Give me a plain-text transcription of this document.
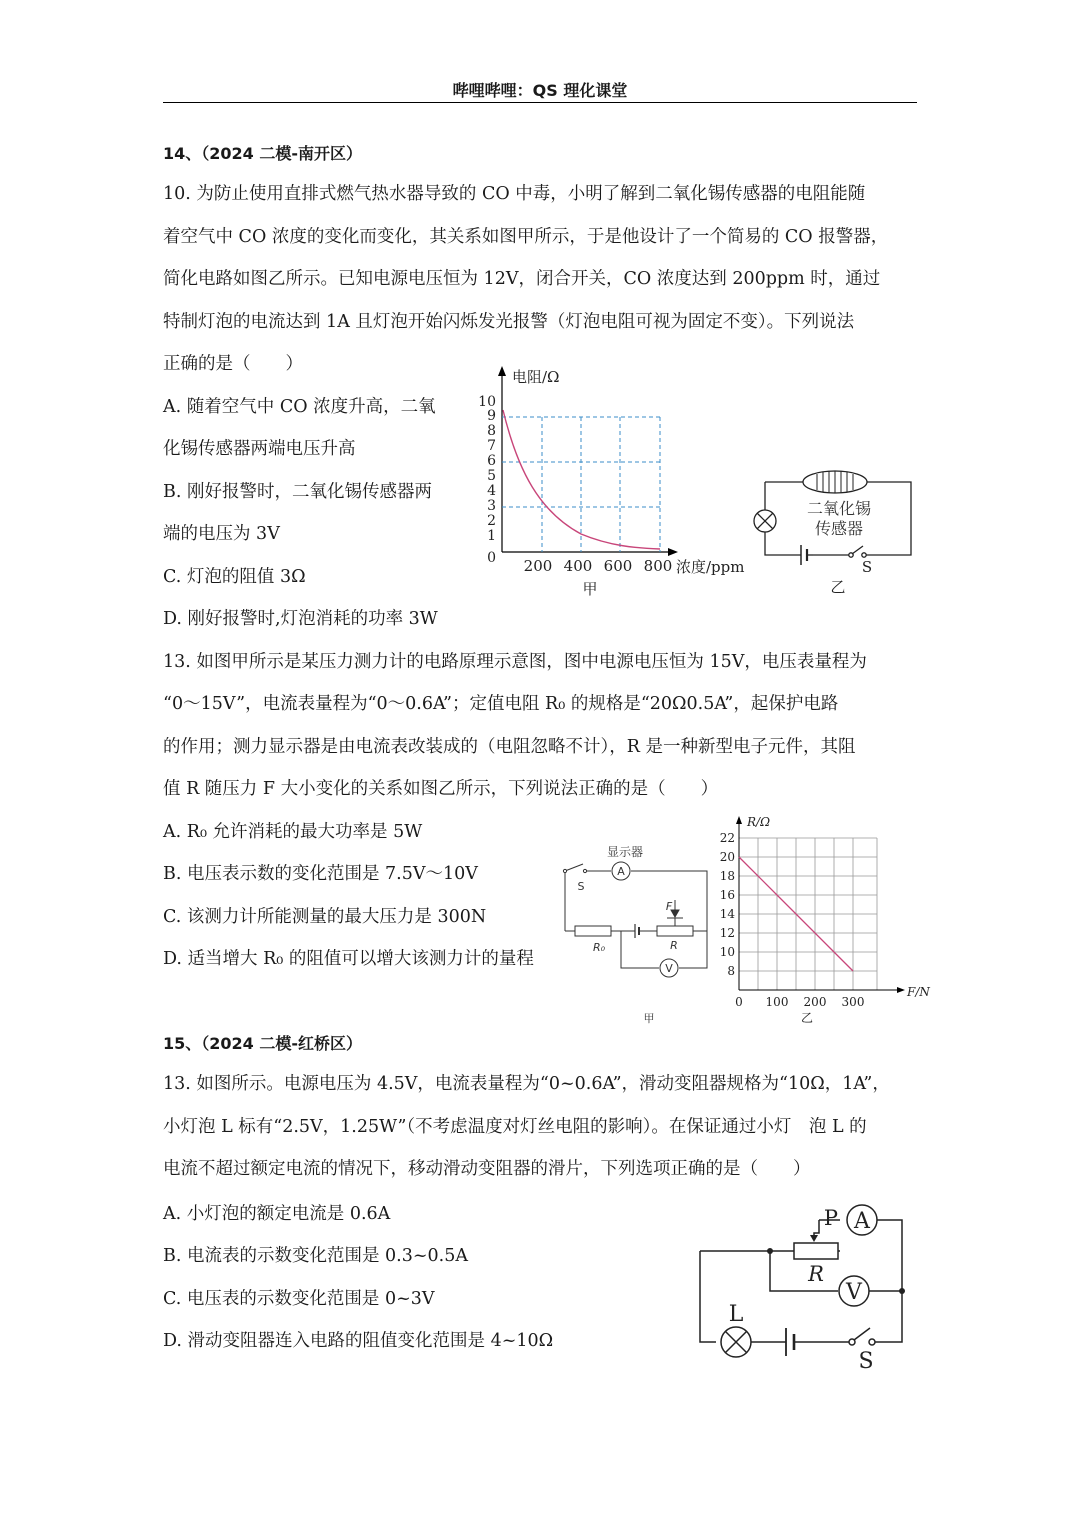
哔哩哔哩：QS 理化课堂
14、（2024 二模-南开区）
10. 为防止使用直排式燃气热水器导致的 CO 中毒，小明了解到二氧化锡传感器的电阻能随
着空气中 CO 浓度的变化而变化，其关系如图甲所示，于是他设计了一个简易的 CO 报警器，
简化电路如图乙所示。已知电源电压恒为 12V，闭合开关，CO 浓度达到 200ppm 时，通过
特制灯泡的电流达到 1A 且灯泡开始闪烁发光报警（灯泡电阻可视为固定不变）。下列说法
正确的是（　　）
A. 随着空气中 CO 浓度升高，二氧
化锡传感器两端电压升高
B. 刚好报警时，二氧化锡传感器两
端的电压为 3V
C. 灯泡的阻值 3Ω
D. 刚好报警时,灯泡消耗的功率 3W
电阻/Ω
10
9
8
7
6
5
4
3
2
1
0 200 400 600 800 浓度/ppm
甲
二氧化锡
传感器
S
乙
13. 如图甲所示是某压力测力计的电路原理示意图，图中电源电压恒为 15V，电压表量程为
“0～15V”，电流表量程为“0～0.6A”；定值电阻 R₀ 的规格是“20Ω0.5A”，起保护电路
的作用；测力显示器是由电流表改装成的（电阻忽略不计），R 是一种新型电子元件，其阻
值 R 随压力 F 大小变化的关系如图乙所示，下列说法正确的是（　　）
A. R₀ 允许消耗的最大功率是 5W
B. 电压表示数的变化范围是 7.5V～10V
C. 该测力计所能测量的最大压力是 300N
D. 适当增大 R₀ 的阻值可以增大该测力计的量程
显示器
A
S
F
R₀	R
V
甲
R/Ω
22
20
18
16
14
12
10
8
0 100 200 300
F/N
乙
15、（2024 二模-红桥区）
13. 如图所示。电源电压为 4.5V，电流表量程为“0~0.6A”，滑动变阻器规格为“10Ω，1A”，
小灯泡 L 标有“2.5V，1.25W”（不考虑温度对灯丝电阻的影响）。在保证通过小灯　泡 L 的
电流不超过额定电流的情况下，移动滑动变阻器的滑片，下列选项正确的是（　　）
A. 小灯泡的额定电流是 0.6A
B. 电流表的示数变化范围是 0.3~0.5A
C. 电压表的示数变化范围是 0~3V
D. 滑动变阻器连入电路的阻值变化范围是 4~10Ω
A
P
R
V
L
S
